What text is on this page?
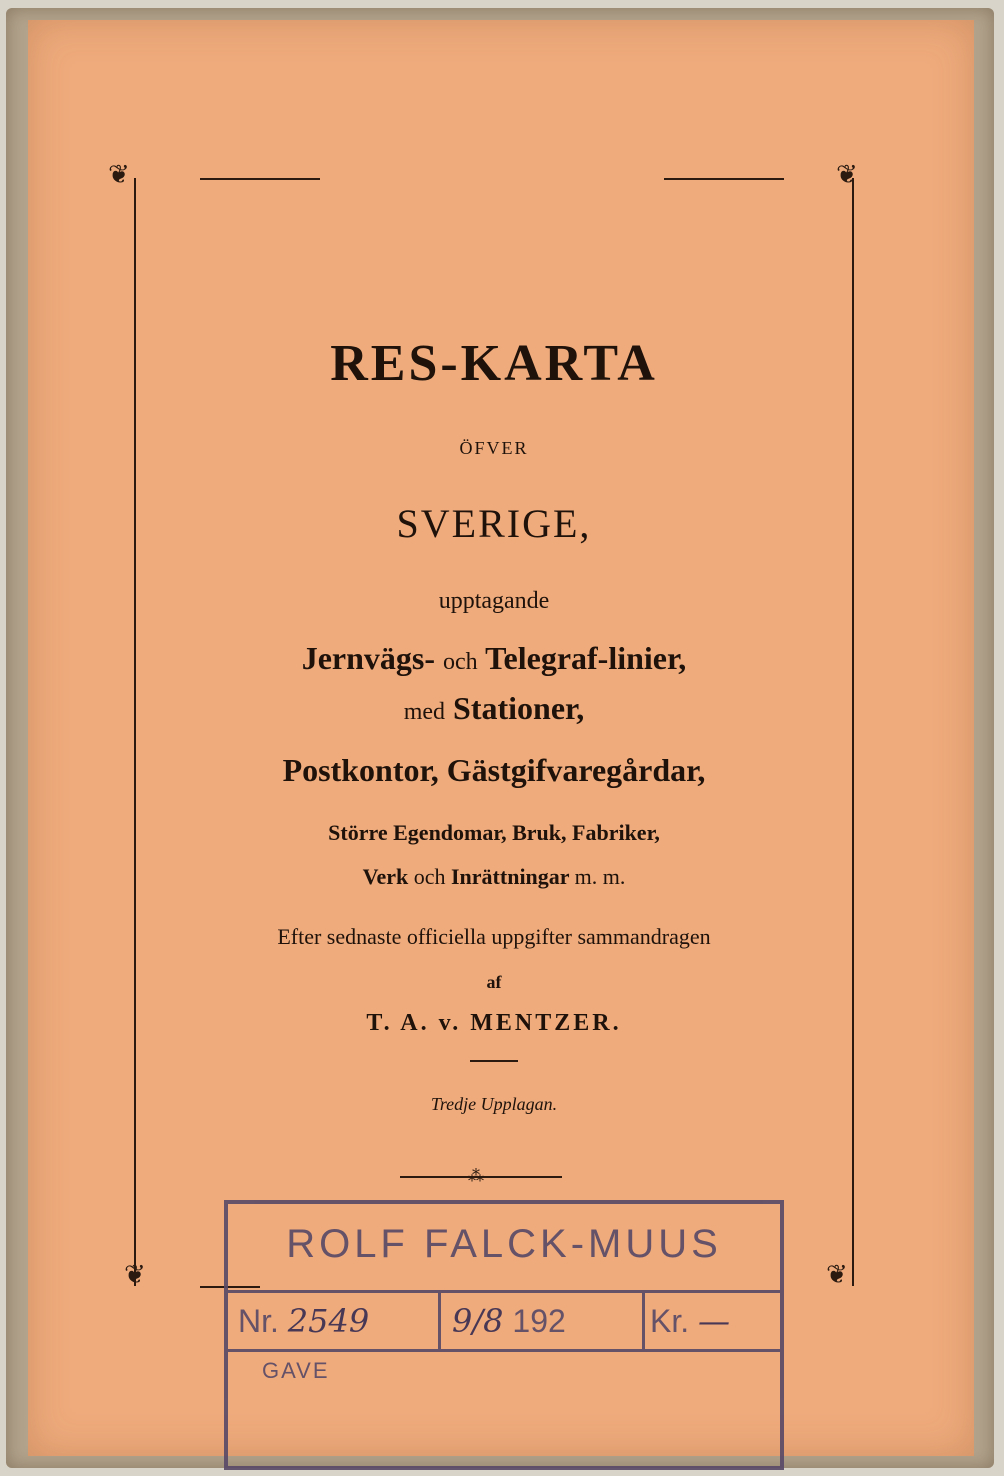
❦	❦
❦	❦
RES-KARTA
ÖFVER
SVERIGE,
upptagande
Jernvägs- och Telegraf-linier,
med Stationer,
Postkontor, Gästgifvaregårdar,
Större Egendomar, Bruk, Fabriker,
Verk och Inrättningar m. m.
Efter sednaste officiella uppgifter sammandragen
af
T. A. v. MENTZER.
Tredje Upplagan.
⁂
ROLF FALCK-MUUS
Nr. 2549	9/8 192	Kr. —
GAVE
